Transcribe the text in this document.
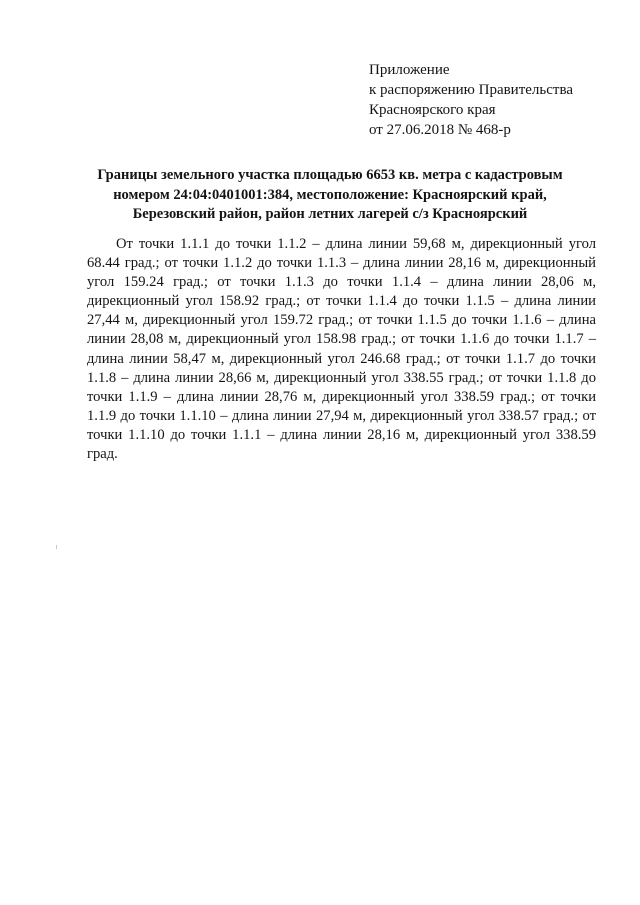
Приложение
к распоряжению Правительства
Красноярского края
от 27.06.2018 № 468-р
Границы земельного участка площадью 6653 кв. метра с кадастровым
номером 24:04:0401001:384, местоположение: Красноярский край,
Березовский район, район летних лагерей с/з Красноярский

От точки 1.1.1 до точки 1.1.2 – длина линии 59,68 м, дирекционный угол 68.44 град.; от точки 1.1.2 до точки 1.1.3 – длина линии 28,16 м, дирекционный угол 159.24 град.; от точки 1.1.3 до точки 1.1.4 – длина линии 28,06 м, дирекционный угол 158.92 град.; от точки 1.1.4 до точки 1.1.5 – длина линии 27,44 м, дирекционный угол 159.72 град.; от точки 1.1.5 до точки 1.1.6 – длина линии 28,08 м, дирекционный угол 158.98 град.; от точки 1.1.6 до точки 1.1.7 – длина линии 58,47 м, дирекционный угол 246.68 град.; от точки 1.1.7 до точки 1.1.8 – длина линии 28,66 м, дирекционный угол 338.55 град.; от точки 1.1.8 до точки 1.1.9 – длина линии 28,76 м, дирекционный угол 338.59 град.; от точки 1.1.9 до точки 1.1.10 – длина линии 27,94 м, дирекционный угол 338.57 град.; от точки 1.1.10 до точки 1.1.1 – длина линии 28,16 м, дирекционный угол 338.59 град.
